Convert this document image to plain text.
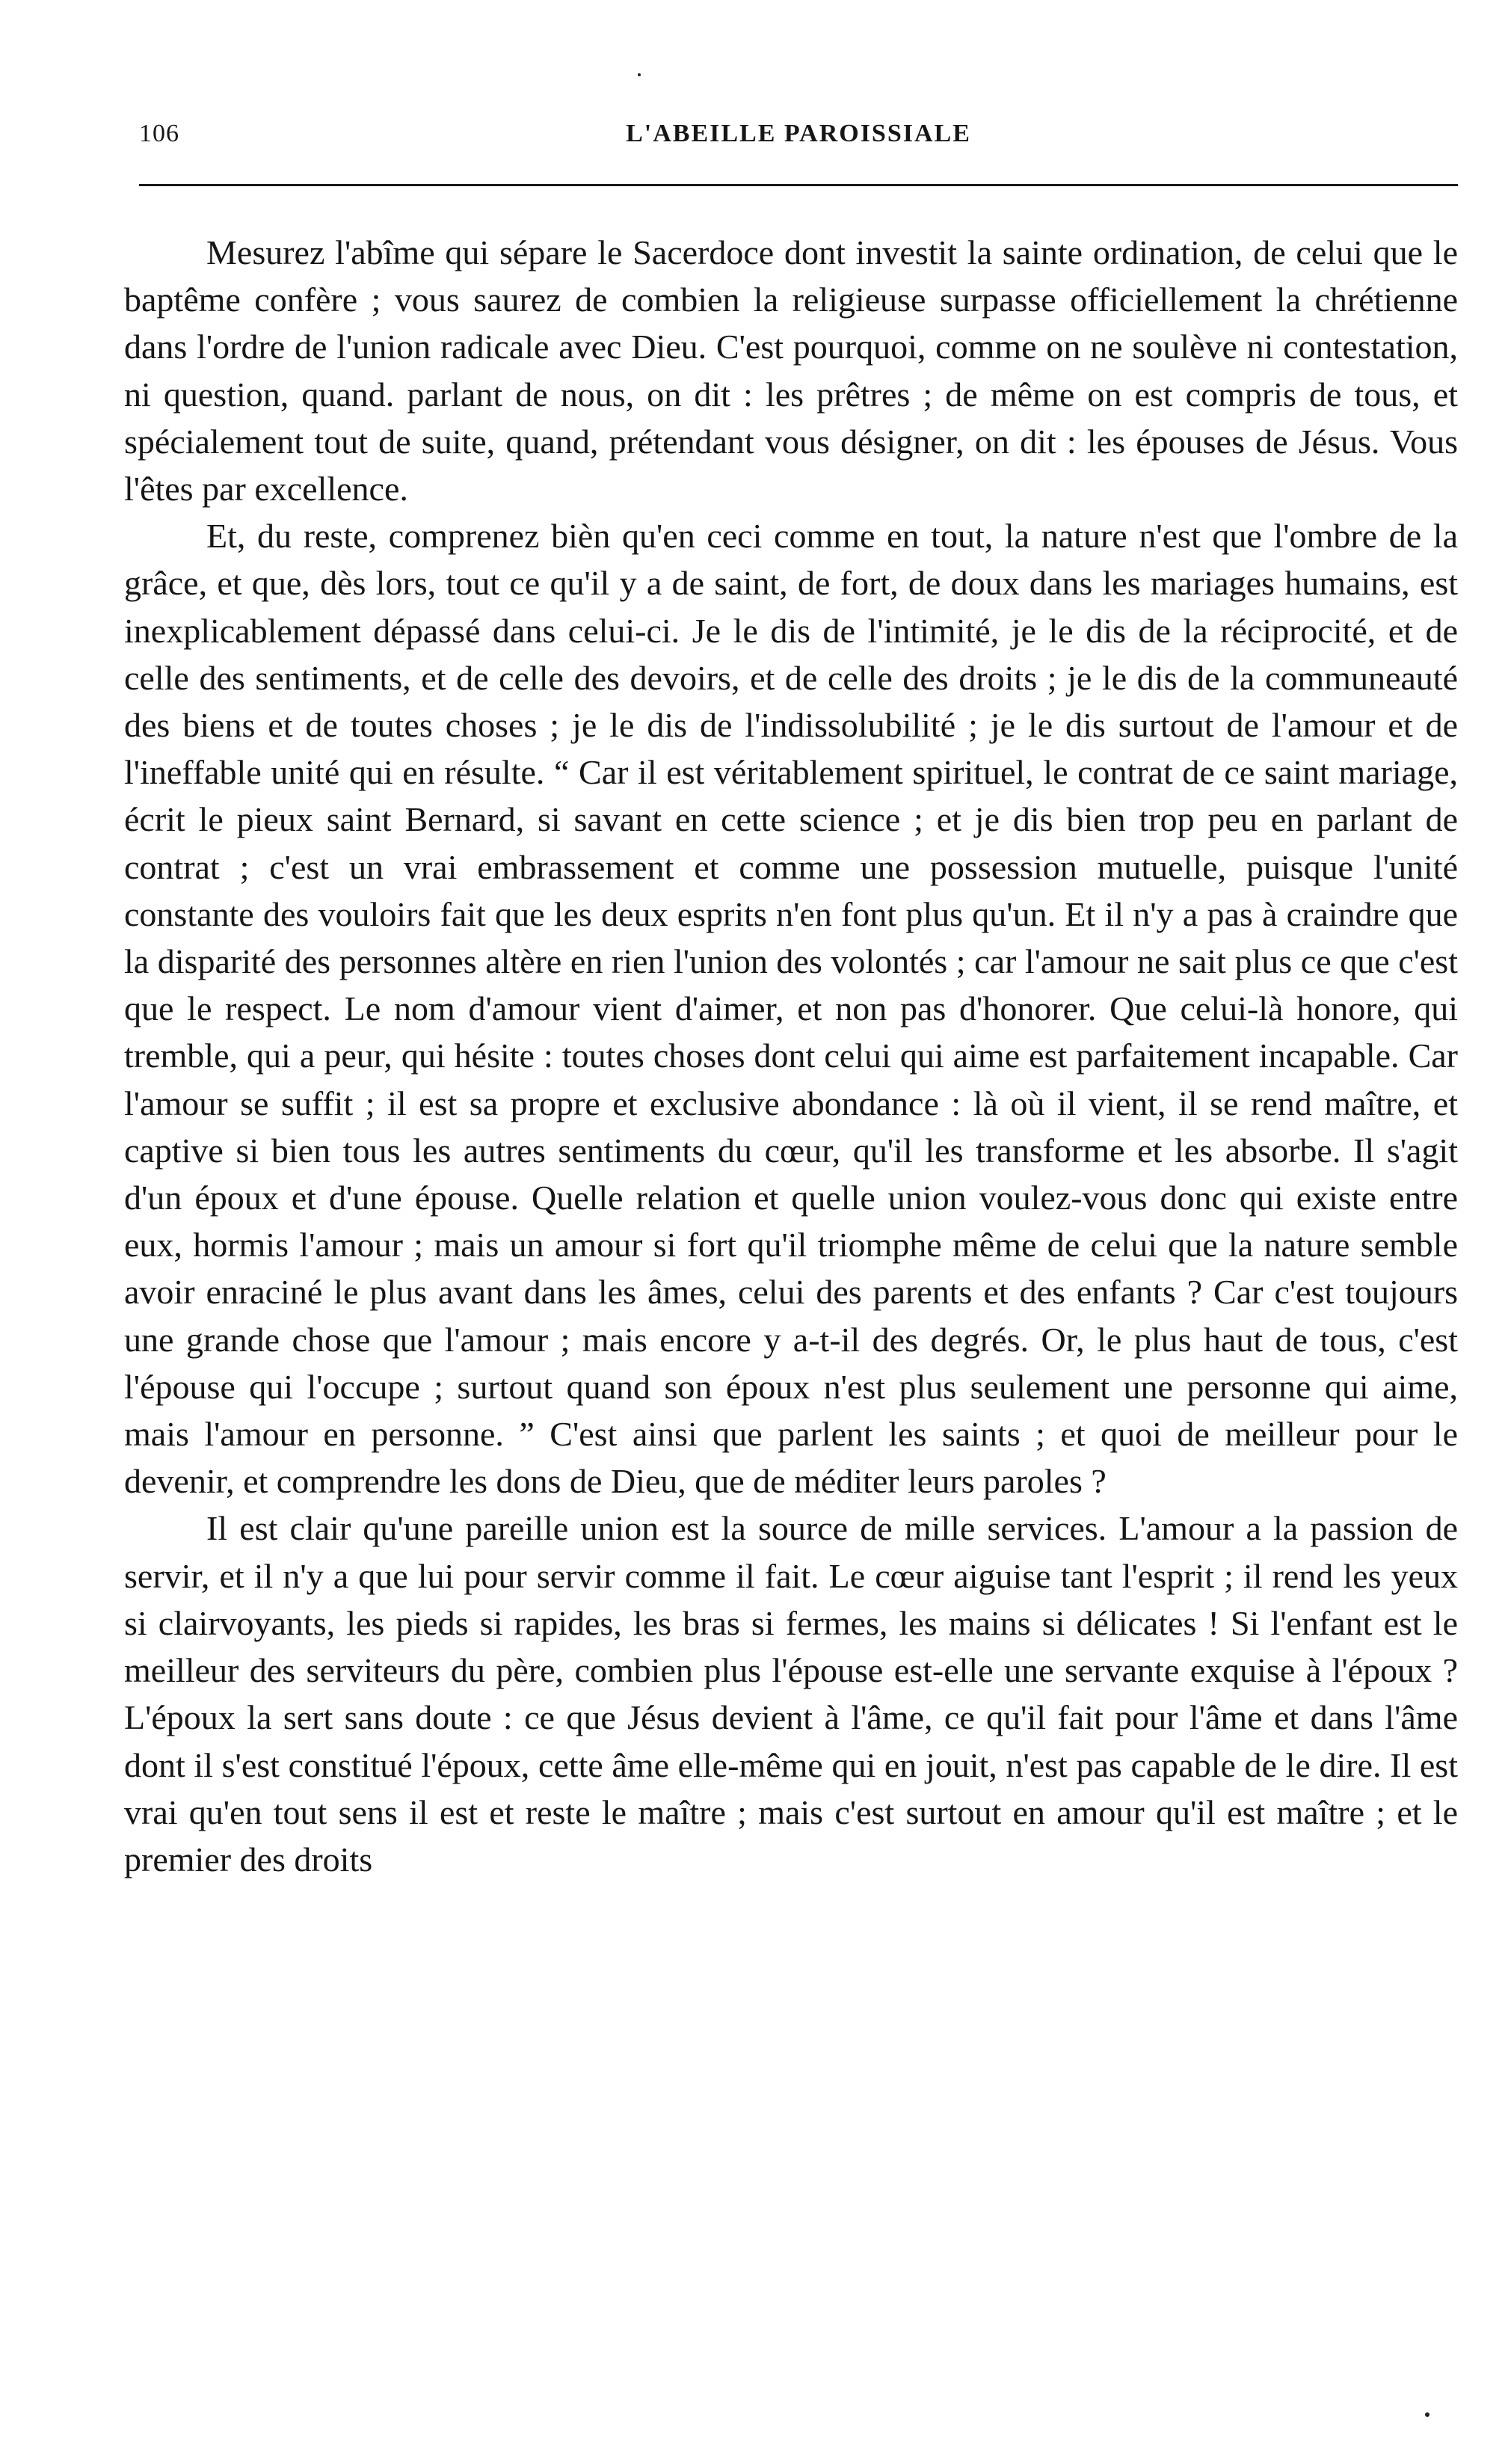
106	L'ABEILLE PAROISSIALE

Mesurez l'abîme qui sépare le Sacerdoce dont investit la sainte ordination, de celui que le baptême confère ; vous saurez de combien la religieuse surpasse officiellement la chrétienne dans l'ordre de l'union radicale avec Dieu. C'est pourquoi, comme on ne soulève ni contestation, ni question, quand. parlant de nous, on dit : les prêtres ; de même on est compris de tous, et spécialement tout de suite, quand, prétendant vous désigner, on dit : les épouses de Jésus. Vous l'êtes par excellence.

Et, du reste, comprenez bièn qu'en ceci comme en tout, la nature n'est que l'ombre de la grâce, et que, dès lors, tout ce qu'il y a de saint, de fort, de doux dans les mariages humains, est inexplicablement dépassé dans celui-ci. Je le dis de l'intimité, je le dis de la réciprocité, et de celle des sentiments, et de celle des devoirs, et de celle des droits ; je le dis de la communeauté des biens et de toutes choses ; je le dis de l'indissolubilité ; je le dis surtout de l'amour et de l'ineffable unité qui en résulte. “ Car il est véritablement spirituel, le contrat de ce saint mariage, écrit le pieux saint Bernard, si savant en cette science ; et je dis bien trop peu en parlant de contrat ; c'est un vrai embrassement et comme une possession mutuelle, puisque l'unité constante des vouloirs fait que les deux esprits n'en font plus qu'un. Et il n'y a pas à craindre que la disparité des personnes altère en rien l'union des volontés ; car l'amour ne sait plus ce que c'est que le respect. Le nom d'amour vient d'aimer, et non pas d'honorer. Que celui-là honore, qui tremble, qui a peur, qui hésite : toutes choses dont celui qui aime est parfaitement incapable. Car l'amour se suffit ; il est sa propre et exclusive abondance : là où il vient, il se rend maître, et captive si bien tous les autres sentiments du cœur, qu'il les transforme et les absorbe. Il s'agit d'un époux et d'une épouse. Quelle relation et quelle union voulez-vous donc qui existe entre eux, hormis l'amour ; mais un amour si fort qu'il triomphe même de celui que la nature semble avoir enraciné le plus avant dans les âmes, celui des parents et des enfants ? Car c'est toujours une grande chose que l'amour ; mais encore y a-t-il des degrés. Or, le plus haut de tous, c'est l'épouse qui l'occupe ; surtout quand son époux n'est plus seulement une personne qui aime, mais l'amour en personne. ” C'est ainsi que parlent les saints ; et quoi de meilleur pour le devenir, et comprendre les dons de Dieu, que de méditer leurs paroles ?

Il est clair qu'une pareille union est la source de mille services. L'amour a la passion de servir, et il n'y a que lui pour servir comme il fait. Le cœur aiguise tant l'esprit ; il rend les yeux si clairvoyants, les pieds si rapides, les bras si fermes, les mains si délicates ! Si l'enfant est le meilleur des serviteurs du père, combien plus l'épouse est-elle une servante exquise à l'époux ? L'époux la sert sans doute : ce que Jésus devient à l'âme, ce qu'il fait pour l'âme et dans l'âme dont il s'est constitué l'époux, cette âme elle-même qui en jouit, n'est pas capable de le dire. Il est vrai qu'en tout sens il est et reste le maître ; mais c'est surtout en amour qu'il est maître ; et le premier des droits
